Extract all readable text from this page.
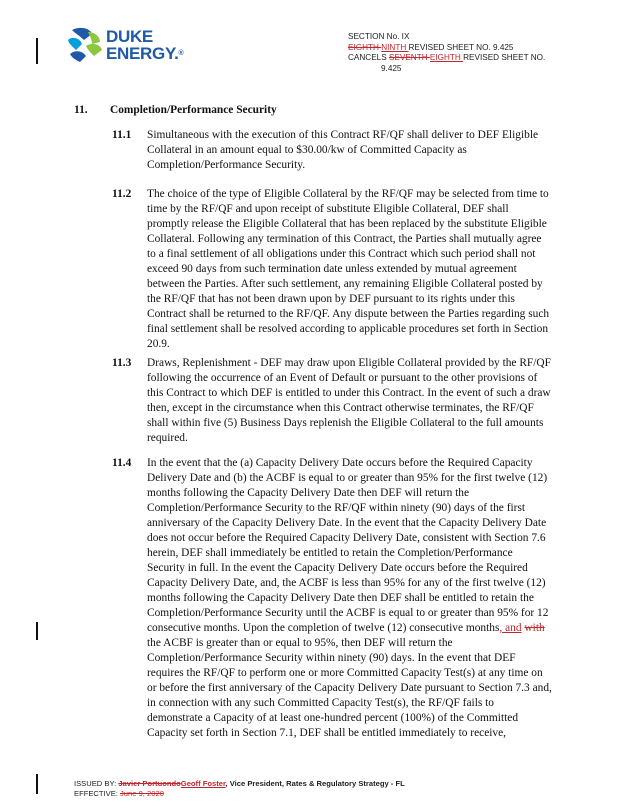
DUKE
ENERGY.®
SECTION No. IX
EIGHTH NINTH REVISED SHEET NO. 9.425
CANCELS SEVENTH EIGHTH REVISED SHEET NO.
9.425
11. Completion/Performance Security
11.1 Simultaneous with the execution of this Contract RF/QF shall deliver to DEF Eligible Collateral in an amount equal to $30.00/kw of Committed Capacity as Completion/Performance Security.
11.2 The choice of the type of Eligible Collateral by the RF/QF may be selected from time to time by the RF/QF and upon receipt of substitute Eligible Collateral, DEF shall promptly release the Eligible Collateral that has been replaced by the substitute Eligible Collateral. Following any termination of this Contract, the Parties shall mutually agree to a final settlement of all obligations under this Contract which such period shall not exceed 90 days from such termination date unless extended by mutual agreement between the Parties. After such settlement, any remaining Eligible Collateral posted by the RF/QF that has not been drawn upon by DEF pursuant to its rights under this Contract shall be returned to the RF/QF. Any dispute between the Parties regarding such final settlement shall be resolved according to applicable procedures set forth in Section 20.9.
11.3 Draws, Replenishment - DEF may draw upon Eligible Collateral provided by the RF/QF following the occurrence of an Event of Default or pursuant to the other provisions of this Contract to which DEF is entitled to under this Contract. In the event of such a draw then, except in the circumstance when this Contract otherwise terminates, the RF/QF shall within five (5) Business Days replenish the Eligible Collateral to the full amounts required.
11.4 In the event that the (a) Capacity Delivery Date occurs before the Required Capacity Delivery Date and (b) the ACBF is equal to or greater than 95% for the first twelve (12) months following the Capacity Delivery Date then DEF will return the Completion/Performance Security to the RF/QF within ninety (90) days of the first anniversary of the Capacity Delivery Date. In the event that the Capacity Delivery Date does not occur before the Required Capacity Delivery Date, consistent with Section 7.6 herein, DEF shall immediately be entitled to retain the Completion/Performance Security in full. In the event the Capacity Delivery Date occurs before the Required Capacity Delivery Date, and, the ACBF is less than 95% for any of the first twelve (12) months following the Capacity Delivery Date then DEF shall be entitled to retain the Completion/Performance Security until the ACBF is equal to or greater than 95% for 12 consecutive months. Upon the completion of twelve (12) consecutive months, and with the ACBF is greater than or equal to 95%, then DEF will return the Completion/Performance Security within ninety (90) days. In the event that DEF requires the RF/QF to perform one or more Committed Capacity Test(s) at any time on or before the first anniversary of the Capacity Delivery Date pursuant to Section 7.3 and, in connection with any such Committed Capacity Test(s), the RF/QF fails to demonstrate a Capacity of at least one-hundred percent (100%) of the Committed Capacity set forth in Section 7.1, DEF shall be entitled immediately to receive,
ISSUED BY: Javier PortuondoGeoff Foster, Vice President, Rates & Regulatory Strategy - FL
EFFECTIVE: June 9, 2020
